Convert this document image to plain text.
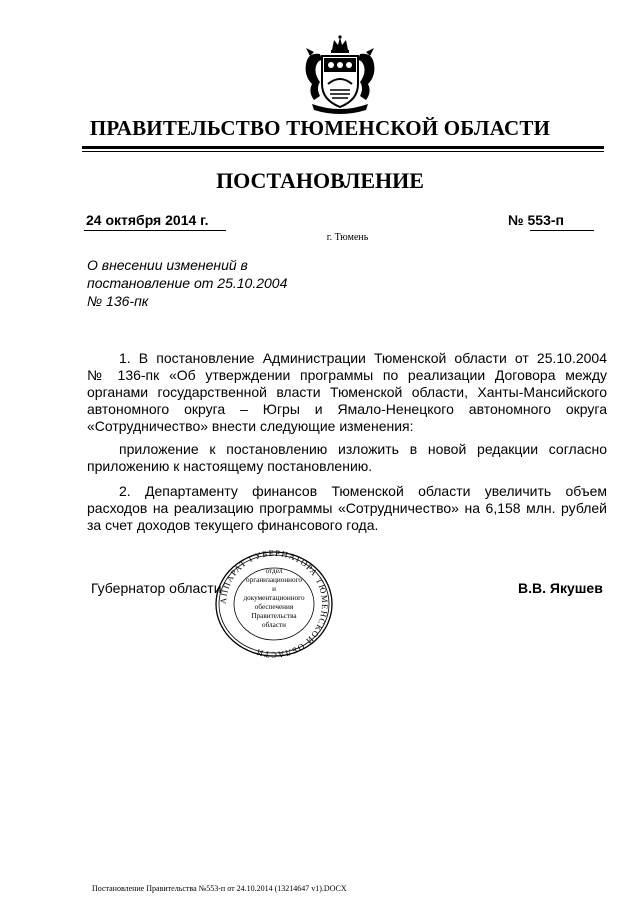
ПРАВИТЕЛЬСТВО ТЮМЕНСКОЙ ОБЛАСТИ
ПОСТАНОВЛЕНИЕ
24 октября 2014 г.	№ 553-п
г. Тюмень
О внесении изменений в
постановление от 25.10.2004
№ 136-пк
1. В постановление Администрации Тюменской области от 25.10.2004
№ 136-пк «Об утверждении программы по реализации Договора между
органами государственной власти Тюменской области, Ханты-Мансийского
автономного округа – Югры и Ямало-Ненецкого автономного округа
«Сотрудничество» внести следующие изменения:
приложение к постановлению изложить в новой редакции согласно
приложению к настоящему постановлению.
2. Департаменту финансов Тюменской области увеличить объем
расходов на реализацию программы «Сотрудничество» на 6,158 млн. рублей
за счет доходов текущего финансового года.
Губернатор области	В.В. Якушев
АППАРАТ ГУБЕРНАТОРА ТЮМЕНСКОЙ ОБЛАСТИ
отдел
организационного
и
документационного
обеспечения
Правительства
области
Постановление Правительства №553-п от 24.10.2014 (13214647 v1).DOCX
